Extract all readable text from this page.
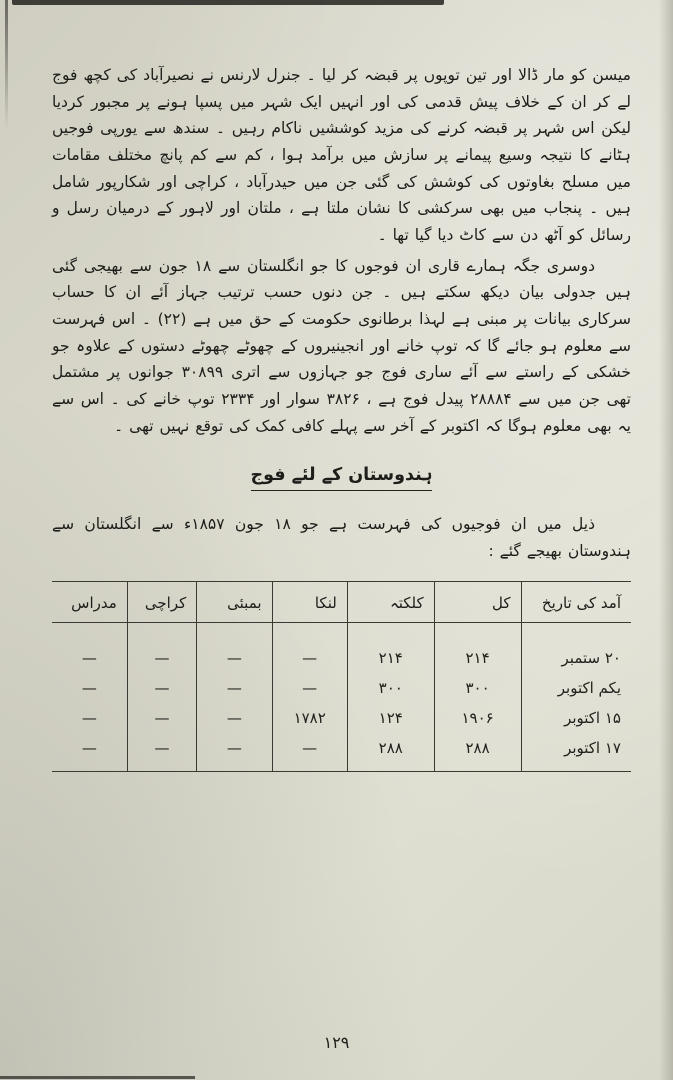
میسن کو مار ڈالا اور تین توپوں پر قبضہ کر لیا ۔ جنرل لارنس نے نصیرآباد کی کچھ فوج لے کر ان کے خلاف پیش قدمی کی اور انہیں ایک شہر میں پسپا ہونے پر مجبور کردیا لیکن اس شہر پر قبضہ کرنے کی مزید کوششیں ناکام رہیں ۔ سندھ سے یورپی فوجیں ہٹانے کا نتیجہ وسیع پیمانے پر سازش میں برآمد ہوا ، کم سے کم پانچ مختلف مقامات میں مسلح بغاوتوں کی کوشش کی گئی جن میں حیدرآباد ، کراچی اور شکارپور شامل ہیں ۔ پنجاب میں بھی سرکشی کا نشان ملتا ہے ، ملتان اور لاہور کے درمیان رسل و رسائل کو آٹھ دن سے کاٹ دیا گیا تھا ۔

دوسری جگہ ہمارے قاری ان فوجوں کا جو انگلستان سے ۱۸ جون سے بھیجی گئی ہیں جدولی بیان دیکھ سکتے ہیں ۔ جن دنوں حسب ترتیب جہاز آئے ان کا حساب سرکاری بیانات پر مبنی ہے لہذا برطانوی حکومت کے حق میں ہے (۲۲) ۔ اس فہرست سے معلوم ہو جائے گا کہ توپ خانے اور انجینیروں کے چھوٹے چھوٹے دستوں کے علاوہ جو خشکی کے راستے سے آئے ساری فوج جو جہازوں سے اتری ۳۰۸۹۹ جوانوں پر مشتمل تھی جن میں سے ۲۸۸۸۴ پیدل فوج ہے ، ۳۸۲۶ سوار اور ۲۳۳۴ توپ خانے کی ۔ اس سے یہ بھی معلوم ہوگا کہ اکتوبر کے آخر سے پہلے کافی کمک کی توقع نہیں تھی ۔

ہندوستان کے لئے فوج

ذیل میں ان فوجیوں کی فہرست ہے جو ۱۸ جون ۱۸۵۷ء سے انگلستان سے ہندوستان بھیجے گئے :

آمد کی تاریخ	کل	کلکتہ	لنکا	بمبئی	کراچی	مدراس
۲۰ ستمبر	۲۱۴	۲۱۴	—	—	—	—
یکم اکتوبر	۳۰۰	۳۰۰	—	—	—	—
۱۵ اکتوبر	۱۹۰۶	۱۲۴	۱۷۸۲	—	—	—
۱۷ اکتوبر	۲۸۸	۲۸۸	—	—	—	—
۱۲۹
